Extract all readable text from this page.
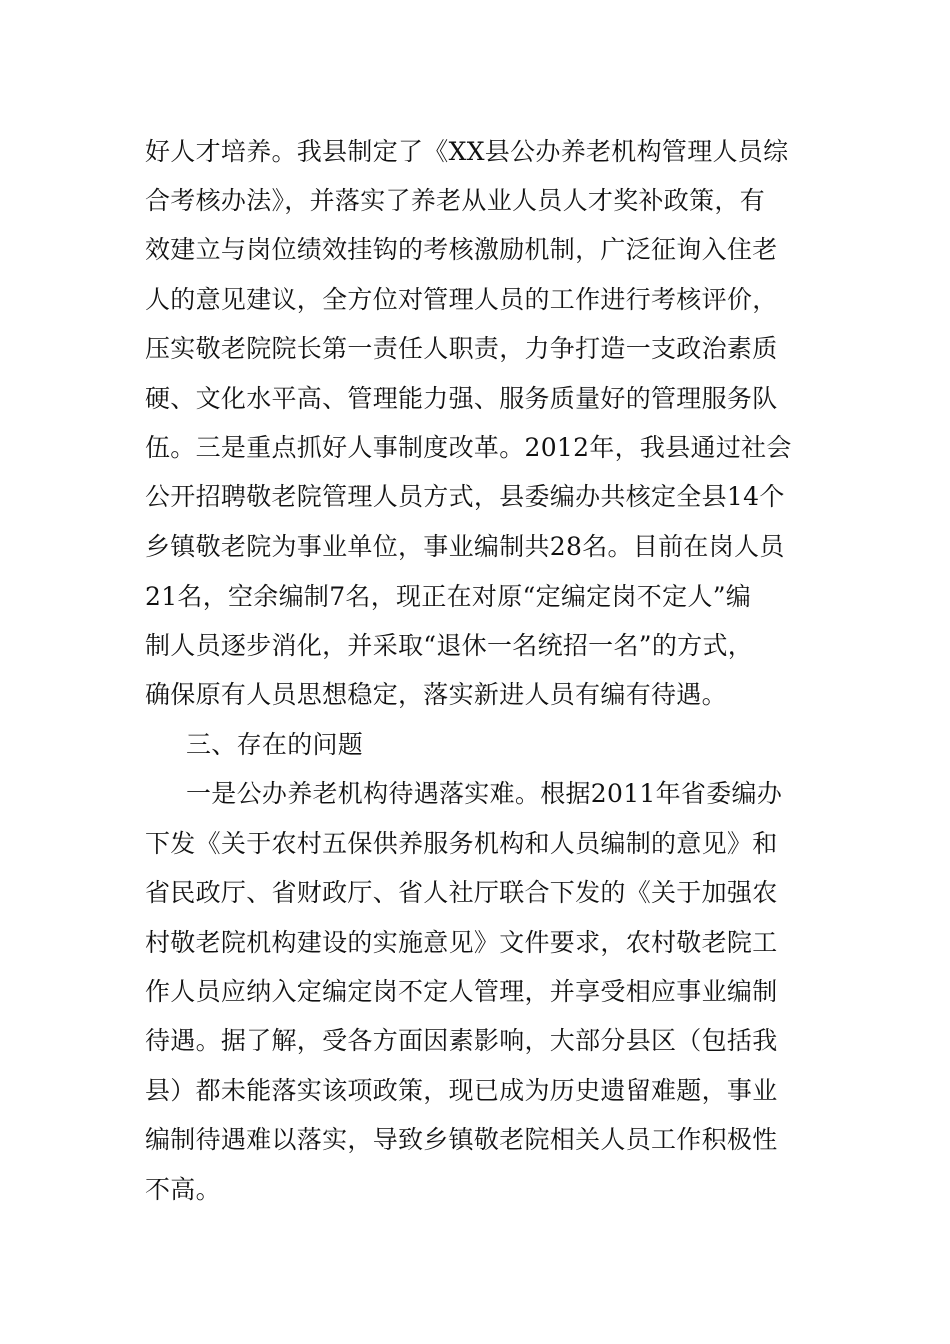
好人才培养。我县制定了《XX县公办养老机构管理人员综
合考核办法》，并落实了养老从业人员人才奖补政策，有
效建立与岗位绩效挂钩的考核激励机制，广泛征询入住老
人的意见建议，全方位对管理人员的工作进行考核评价，
压实敬老院院长第一责任人职责，力争打造一支政治素质
硬、文化水平高、管理能力强、服务质量好的管理服务队
伍。三是重点抓好人事制度改革。2012年，我县通过社会
公开招聘敬老院管理人员方式，县委编办共核定全县14个
乡镇敬老院为事业单位，事业编制共28名。目前在岗人员
21名，空余编制7名，现正在对原“定编定岗不定人”编
制人员逐步消化，并采取“退休一名统招一名”的方式，
确保原有人员思想稳定，落实新进人员有编有待遇。
三、存在的问题
一是公办养老机构待遇落实难。根据2011年省委编办
下发《关于农村五保供养服务机构和人员编制的意见》和
省民政厅、省财政厅、省人社厅联合下发的《关于加强农
村敬老院机构建设的实施意见》文件要求，农村敬老院工
作人员应纳入定编定岗不定人管理，并享受相应事业编制
待遇。据了解，受各方面因素影响，大部分县区（包括我
县）都未能落实该项政策，现已成为历史遗留难题，事业
编制待遇难以落实，导致乡镇敬老院相关人员工作积极性
不高。
